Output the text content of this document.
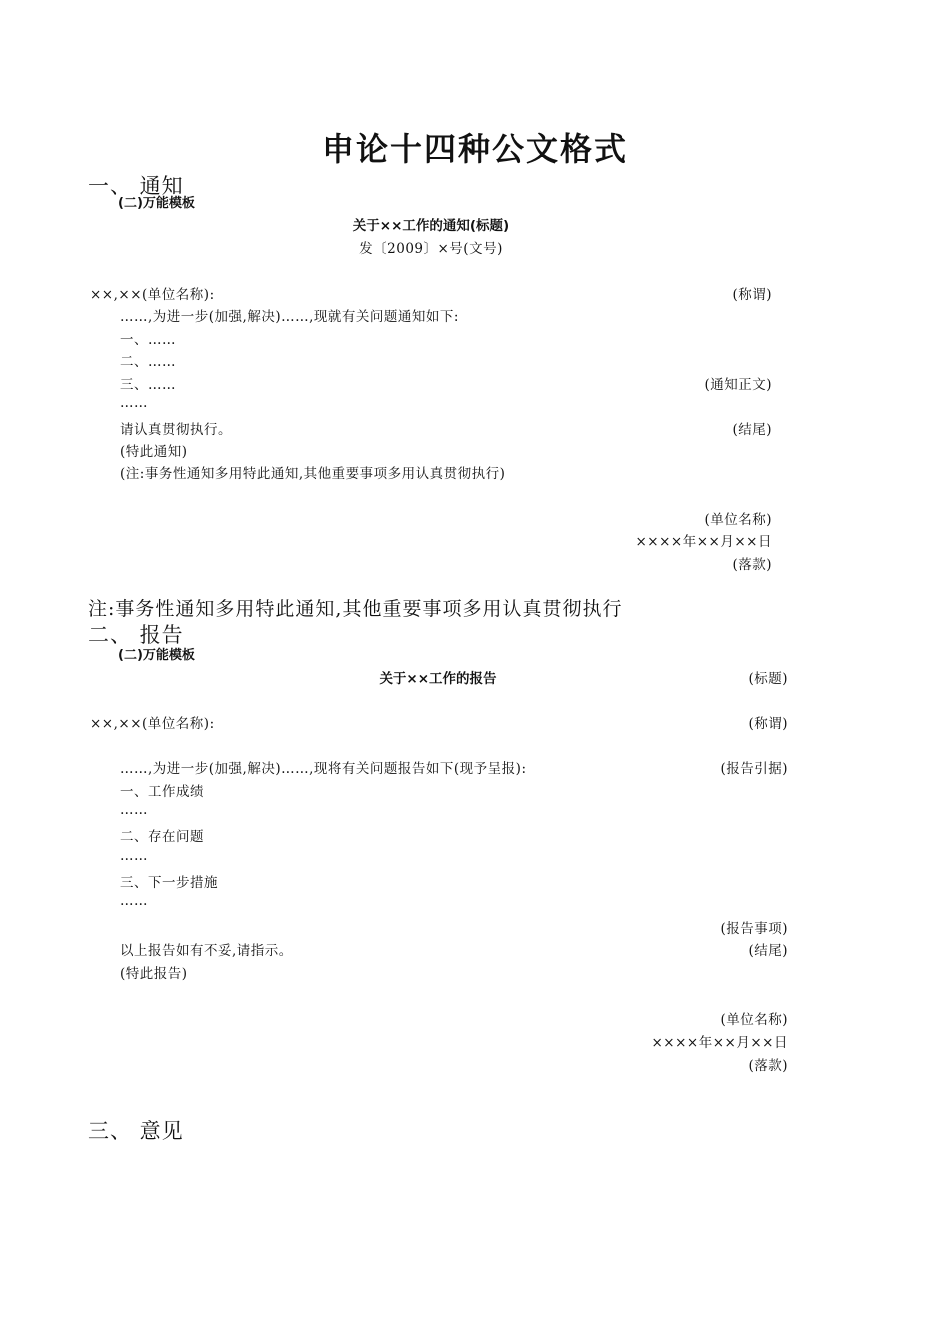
申论十四种公文格式
一、 通知
(二)万能模板
关于××工作的通知(标题)
发〔2009〕×号(文号)
××,××(单位名称):	(称谓)
……,为进一步(加强,解决)……,现就有关问题通知如下:
一、……
二、……
三、……
……
(通知正文)
请认真贯彻执行。	(结尾)
(特此通知)
(注:事务性通知多用特此通知,其他重要事项多用认真贯彻执行)
(单位名称)
××××年××月××日
(落款)
注:事务性通知多用特此通知,其他重要事项多用认真贯彻执行
二、 报告
(二)万能模板
关于××工作的报告	(标题)
××,××(单位名称):	(称谓)
……,为进一步(加强,解决)……,现将有关问题报告如下(现予呈报):	(报告引据)
一、工作成绩
……
二、存在问题
……
三、下一步措施
……
(报告事项)
以上报告如有不妥,请指示。	(结尾)
(特此报告)
(单位名称)
××××年××月××日
(落款)
三、 意见
